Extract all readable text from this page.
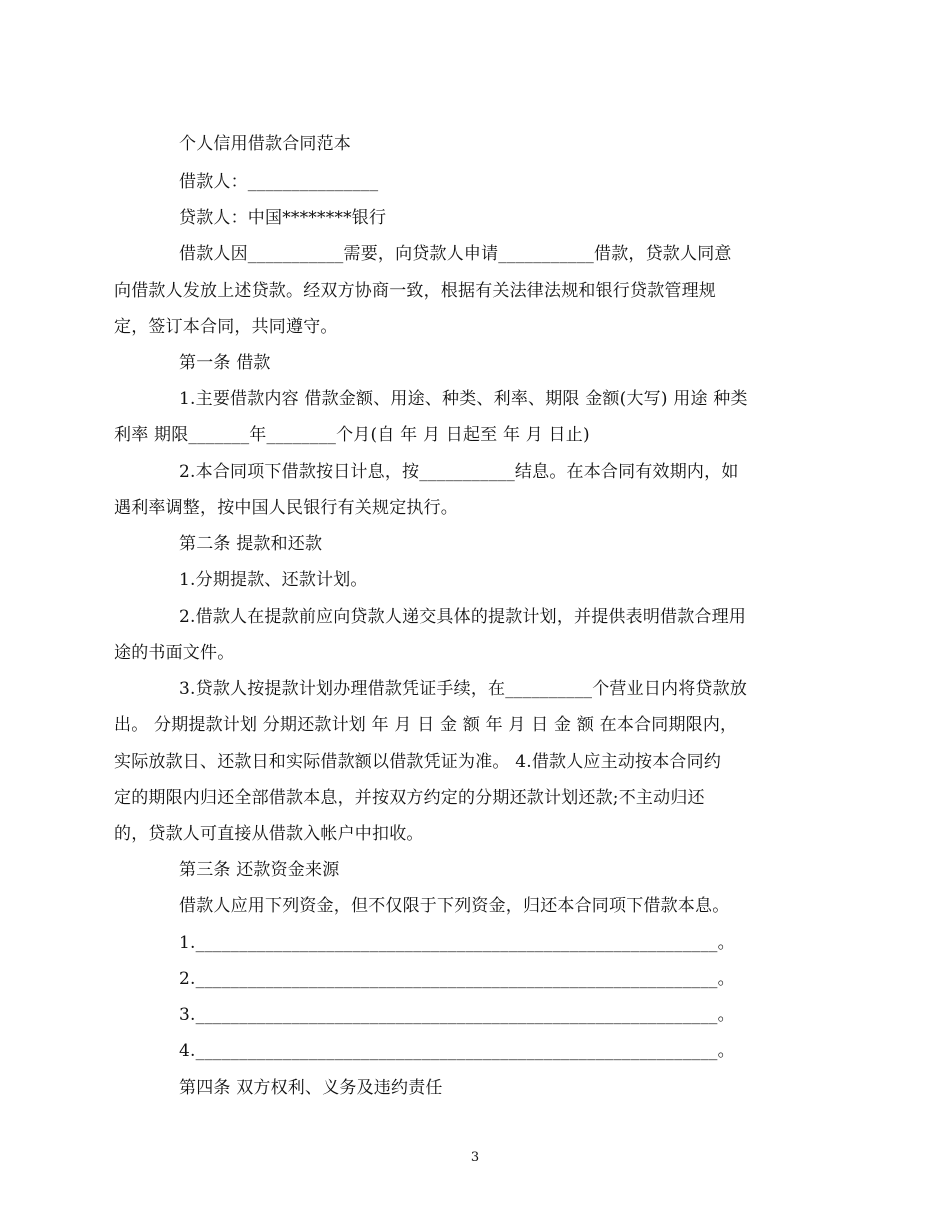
个人信用借款合同范本
借款人：_______________
贷款人：中国********银行
借款人因___________需要，向贷款人申请___________借款，贷款人同意
向借款人发放上述贷款。经双方协商一致，根据有关法律法规和银行贷款管理规
定，签订本合同，共同遵守。
第一条 借款
1.主要借款内容 借款金额、用途、种类、利率、期限 金额(大写) 用途 种类
利率 期限_______年________个月(自 年 月 日起至 年 月 日止)
2.本合同项下借款按日计息，按___________结息。在本合同有效期内，如
遇利率调整，按中国人民银行有关规定执行。
第二条 提款和还款
1.分期提款、还款计划。
2.借款人在提款前应向贷款人递交具体的提款计划，并提供表明借款合理用
途的书面文件。
3.贷款人按提款计划办理借款凭证手续，在__________个营业日内将贷款放
出。 分期提款计划 分期还款计划 年 月 日 金 额 年 月 日 金 额 在本合同期限内，
实际放款日、还款日和实际借款额以借款凭证为准。 4.借款人应主动按本合同约
定的期限内归还全部借款本息，并按双方约定的分期还款计划还款;不主动归还
的，贷款人可直接从借款入帐户中扣收。
第三条 还款资金来源
借款人应用下列资金，但不仅限于下列资金，归还本合同项下借款本息。
1.____________________________________________________________。
2.____________________________________________________________。
3.____________________________________________________________。
4.____________________________________________________________。
第四条 双方权利、义务及违约责任
3
